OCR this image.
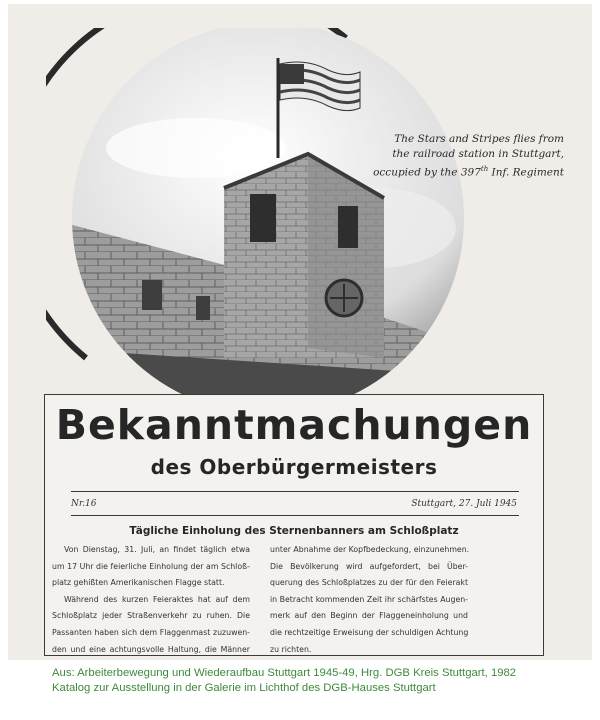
The Stars and Stripes flies from
the railroad station in Stuttgart,
occupied by the 397th Inf. Regiment
Bekanntmachungen
des Oberbürgermeisters
Nr.16	Stuttgart, 27. Juli 1945
Tägliche Einholung des Sternenbanners am Schloßplatz

Von Dienstag, 31. Juli, an findet täglich etwa
um 17 Uhr die feierliche Einholung der am Schloß-
platz gehißten Amerikanischen Flagge statt.

Während des kurzen Feieraktes hat auf dem
Schloßplatz jeder Straßenverkehr zu ruhen. Die
Passanten haben sich dem Flaggenmast zuzuwen-
den und eine achtungsvolle Haltung, die Männer

unter Abnahme der Kopfbedeckung, einzunehmen.
Die Bevölkerung wird aufgefordert, bei Über-
querung des Schloßplatzes zu der für den Feierakt
in Betracht kommenden Zeit ihr schärfstes Augen-
merk auf den Beginn der Flaggeneinholung und
die rechtzeitige Erweisung der schuldigen Achtung
zu richten.

Aus: Arbeiterbewegung und Wiederaufbau Stuttgart 1945-49, Hrg. DGB Kreis Stuttgart, 1982
Katalog zur Ausstellung in der Galerie im Lichthof des DGB-Hauses Stuttgart
